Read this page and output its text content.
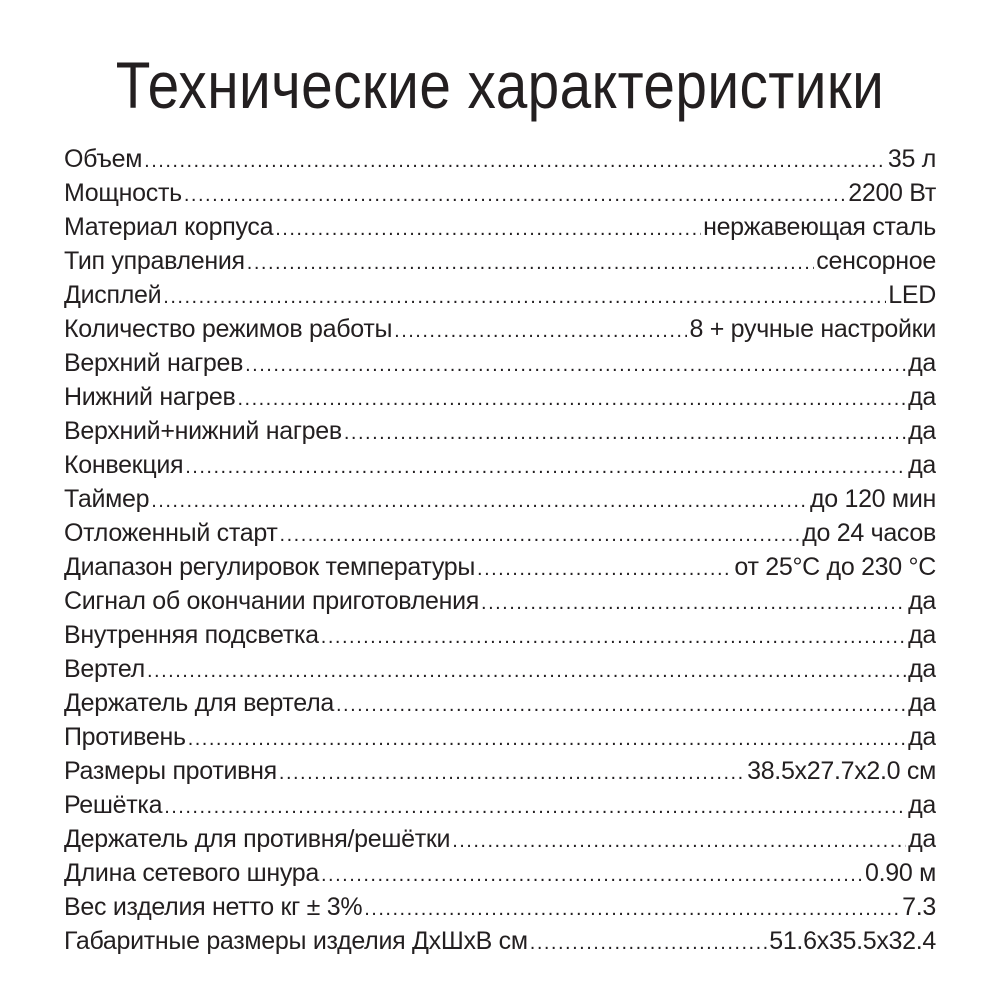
Технические характеристики
Объем .....	35 л
Мощность .....	2200 Вт
Материал корпуса .....	нержавеющая сталь
Тип управления .....	сенсорное
Дисплей .....	LED
Количество режимов работы .....	8 + ручные настройки
Верхний нагрев .....	да
Нижний нагрев .....	да
Верхний+нижний нагрев .....	да
Конвекция .....	да
Таймер .....	до 120 мин
Отложенный старт .....	до 24 часов
Диапазон регулировок температуры .....	от 25°С до 230 °С
Сигнал об окончании приготовления .....	да
Внутренняя подсветка .....	да
Вертел .....	да
Держатель для вертела .....	да
Противень .....	да
Размеры противня .....	38.5х27.7х2.0 см
Решётка .....	да
Держатель для противня/решётки .....	да
Длина сетевого шнура .....	0.90 м
Вес изделия нетто кг ± 3% .....	7.3
Габаритные размеры изделия ДхШхВ см .....	51.6х35.5х32.4
